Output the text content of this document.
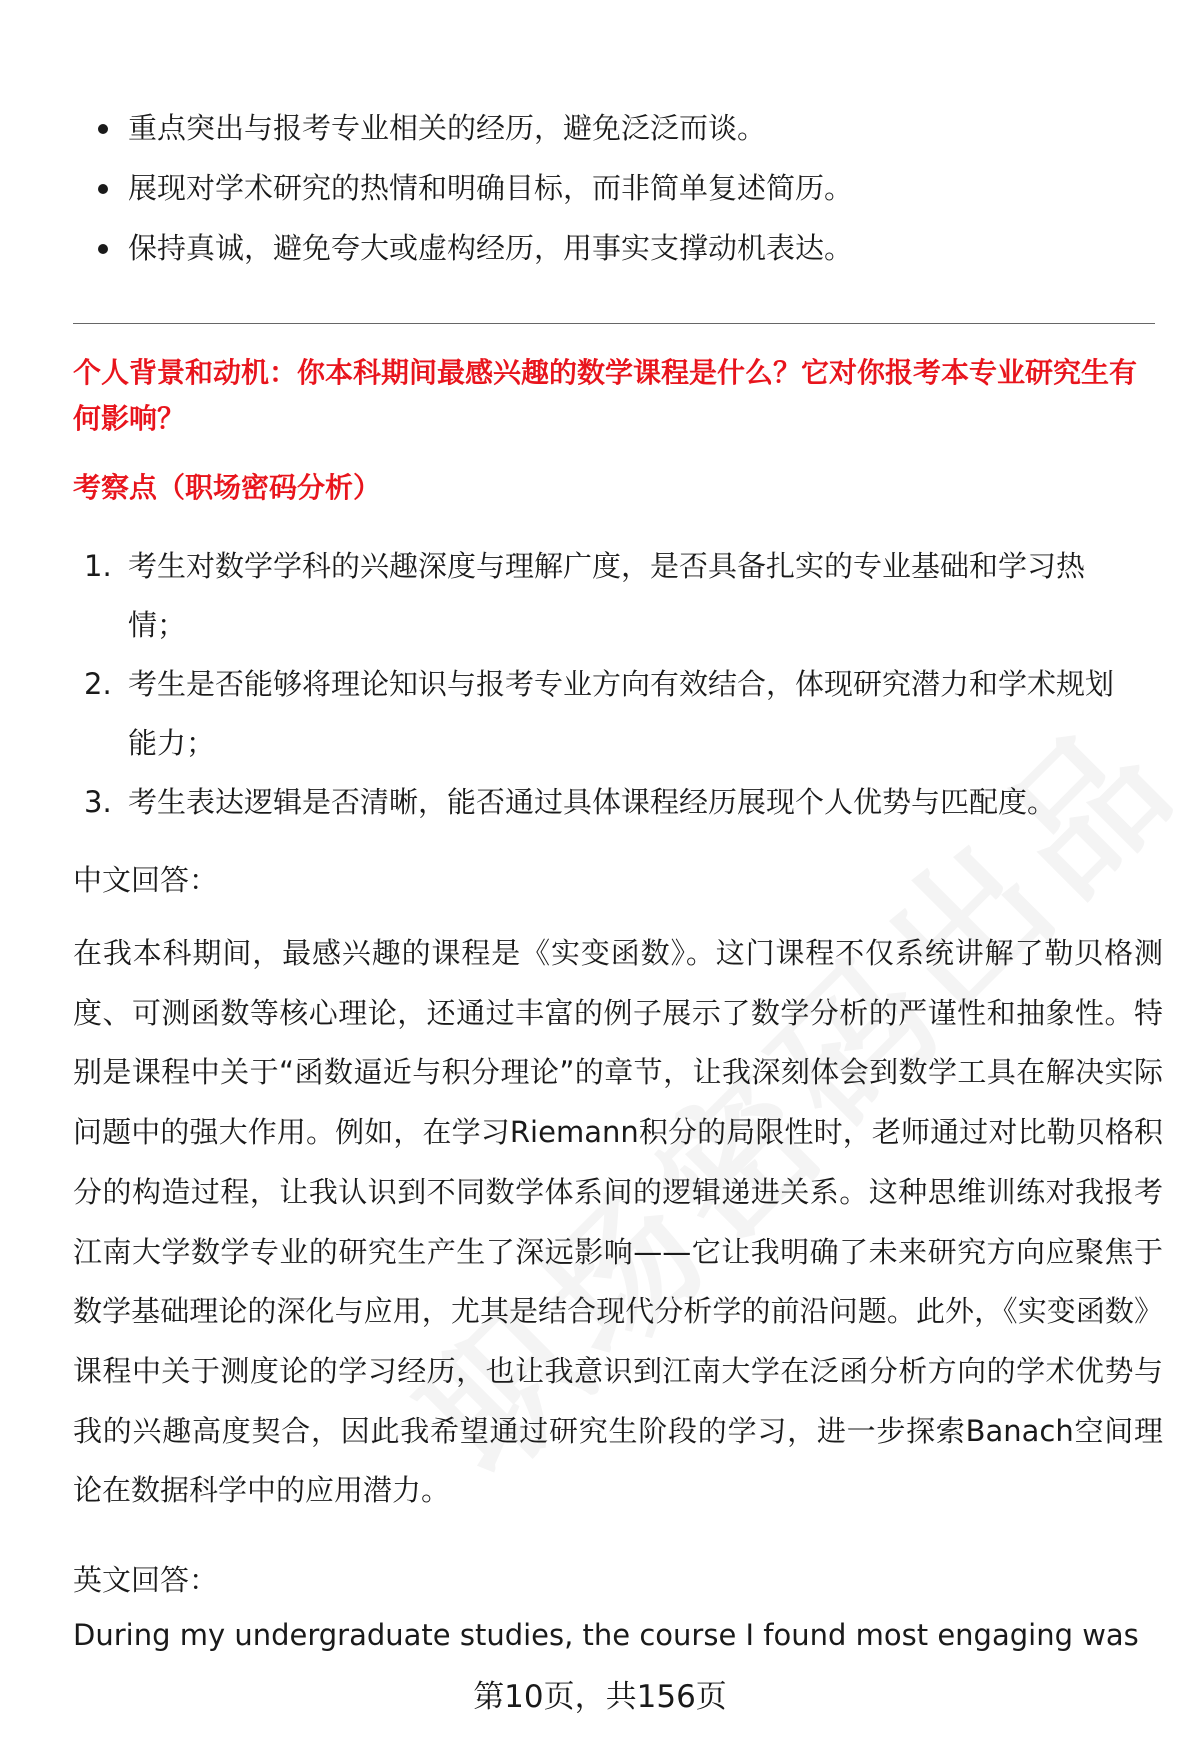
重点突出与报考专业相关的经历，避免泛泛而谈。
展现对学术研究的热情和明确目标，而非简单复述简历。
保持真诚，避免夸大或虚构经历，用事实支撑动机表达。
个人背景和动机：你本科期间最感兴趣的数学课程是什么？它对你报考本专业研究生有何影响？
考察点（职场密码分析）
1. 考生对数学学科的兴趣深度与理解广度，是否具备扎实的专业基础和学习热情；
2. 考生是否能够将理论知识与报考专业方向有效结合，体现研究潜力和学术规划能力；
3. 考生表达逻辑是否清晰，能否通过具体课程经历展现个人优势与匹配度。
中文回答：
在我本科期间，最感兴趣的课程是《实变函数》。这门课程不仅系统讲解了勒贝格测度、可测函数等核心理论，还通过丰富的例子展示了数学分析的严谨性和抽象性。特别是课程中关于“函数逼近与积分理论”的章节，让我深刻体会到数学工具在解决实际问题中的强大作用。例如，在学习Riemann积分的局限性时，老师通过对比勒贝格积分的构造过程，让我认识到不同数学体系间的逻辑递进关系。这种思维训练对我报考江南大学数学专业的研究生产生了深远影响——它让我明确了未来研究方向应聚焦于数学基础理论的深化与应用，尤其是结合现代分析学的前沿问题。此外，《实变函数》课程中关于测度论的学习经历，也让我意识到江南大学在泛函分析方向的学术优势与我的兴趣高度契合，因此我希望通过研究生阶段的学习，进一步探索Banach空间理论在数据科学中的应用潜力。
英文回答：
During my undergraduate studies, the course I found most engaging was
第10页，共156页
